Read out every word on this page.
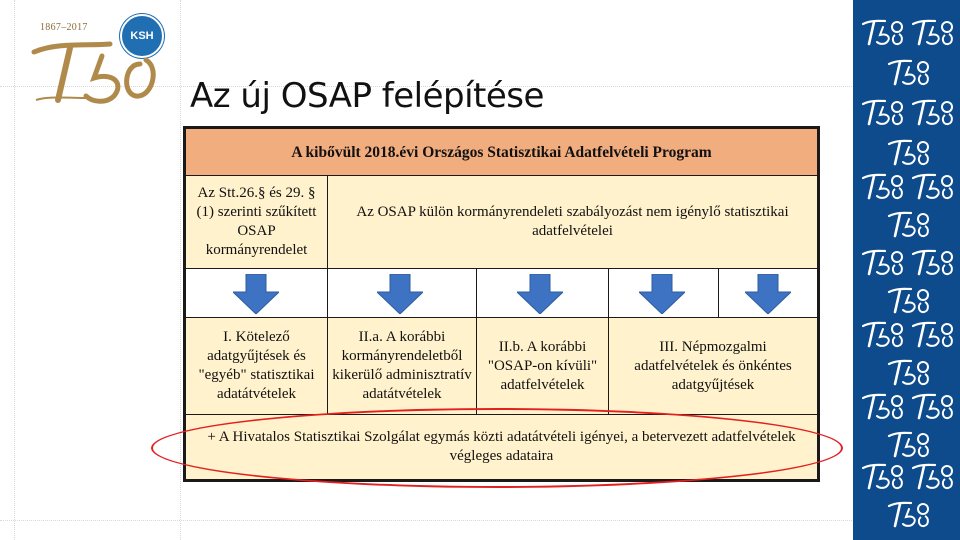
1867–2017
KSH
Az új OSAP felépítése
A kibővült 2018.évi Országos Statisztikai Adatfelvételi Program
Az Stt.26.§ és 29. § (1) szerinti szűkített OSAP kormányrendelet
Az OSAP külön kormányrendeleti szabályozást nem igénylő statisztikai adatfelvételei
I. Kötelező adatgyűjtések és "egyéb" statisztikai adatátvételek
II.a. A korábbi kormányrendeletből kikerülő adminisztratív adatátvételek
II.b. A korábbi "OSAP-on kívüli" adatfelvételek
III. Népmozgalmi adatfelvételek és önkéntes adatgyűjtések
+ A Hivatalos Statisztikai Szolgálat egymás közti adatátvételi igényei, a betervezett adatfelvételek végleges adataira
